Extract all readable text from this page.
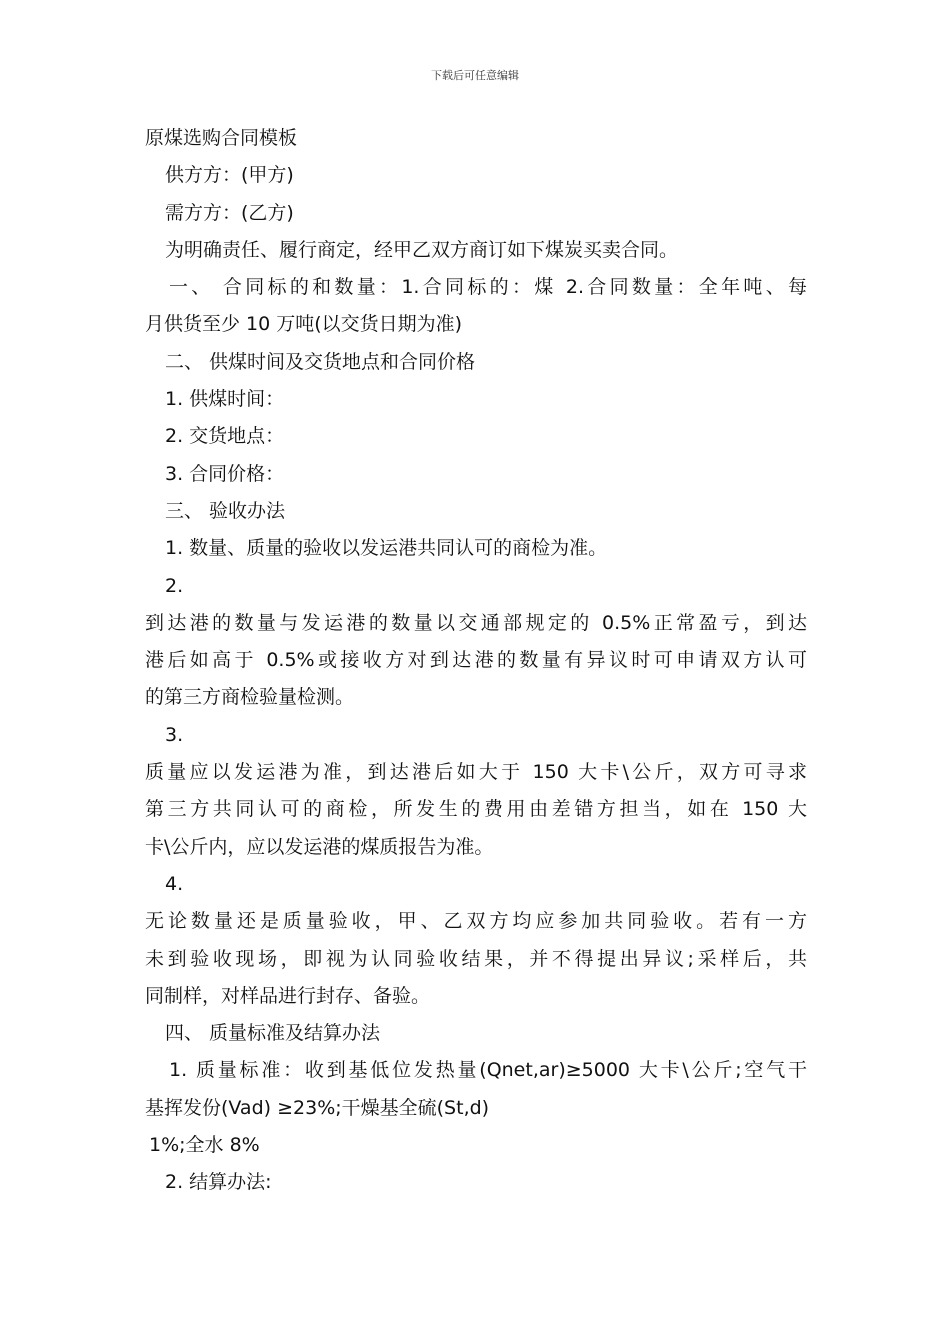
下载后可任意编辑
原煤选购合同模板
供方方：(甲方)
需方方：(乙方)
为明确责任、履行商定，经甲乙双方商订如下煤炭买卖合同。
一、 合同标的和数量：1.合同标的：煤 2.合同数量：全年吨、每
月供货至少 10 万吨(以交货日期为准)
二、 供煤时间及交货地点和合同价格
1. 供煤时间：
2. 交货地点：
3. 合同价格：
三、 验收办法
1. 数量、质量的验收以发运港共同认可的商检为准。
2.
到达港的数量与发运港的数量以交通部规定的 0.5%正常盈亏，到达
港后如高于 0.5%或接收方对到达港的数量有异议时可申请双方认可
的第三方商检验量检测。
3.
质量应以发运港为准，到达港后如大于 150 大卡\公斤，双方可寻求
第三方共同认可的商检，所发生的费用由差错方担当，如在 150 大
卡\公斤内，应以发运港的煤质报告为准。
4.
无论数量还是质量验收，甲、乙双方均应参加共同验收。若有一方
未到验收现场，即视为认同验收结果，并不得提出异议;采样后，共
同制样，对样品进行封存、备验。
四、 质量标准及结算办法
1. 质量标准：收到基低位发热量(Qnet,ar)≥5000 大卡\公斤;空气干
基挥发份(Vad) ≥23%;干燥基全硫(St,d)
1%;全水 8%
2. 结算办法:
